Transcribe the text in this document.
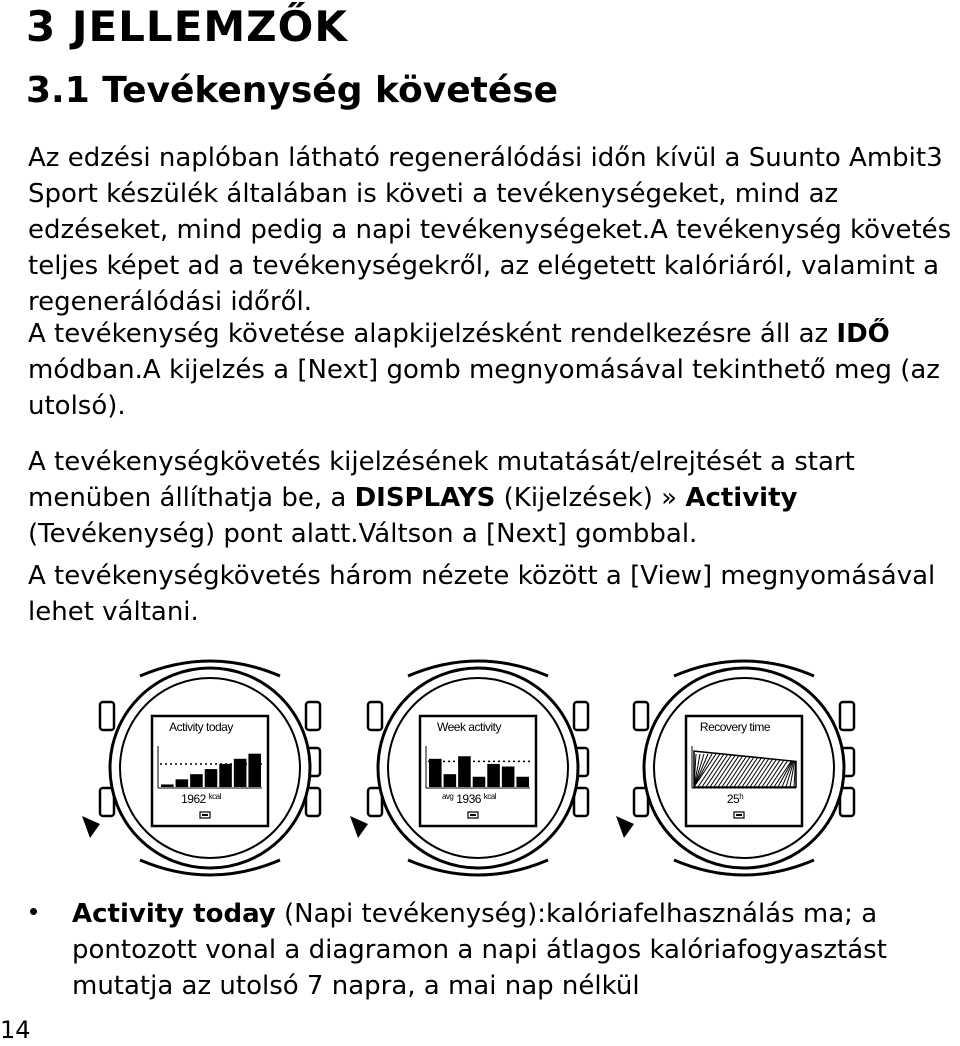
3 JELLEMZŐK
3.1 Tevékenység követése

Az edzési naplóban látható regenerálódási időn kívül a Suunto Ambit3 Sport készülék általában is követi a tevékenységeket, mind az edzéseket, mind pedig a napi tevékenységeket.A tevékenység követés teljes képet ad a tevékenységekről, az elégetett kalóriáról, valamint a regenerálódási időről.

A tevékenység követése alapkijelzésként rendelkezésre áll az IDŐ módban.A kijelzés a [Next] gomb megnyomásával tekinthető meg (az utolsó).

A tevékenységkövetés kijelzésének mutatását/elrejtését a start menüben állíthatja be, a DISPLAYS (Kijelzések) » Activity (Tevékenység) pont alatt.Váltson a [Next] gombbal.

A tevékenységkövetés három nézete között a [View] megnyomásával lehet váltani.

Activity today
1962 $^{kcal}$
Week activity
$^{avg}$ 1936 $^{kcal}$
Recovery time
25$^h$

Activity today (Napi tevékenység):kalóriafelhasználás ma; a pontozott vonal a diagramon a napi átlagos kalóriafogyasztást mutatja az utolsó 7 napra, a mai nap nélkül

14
